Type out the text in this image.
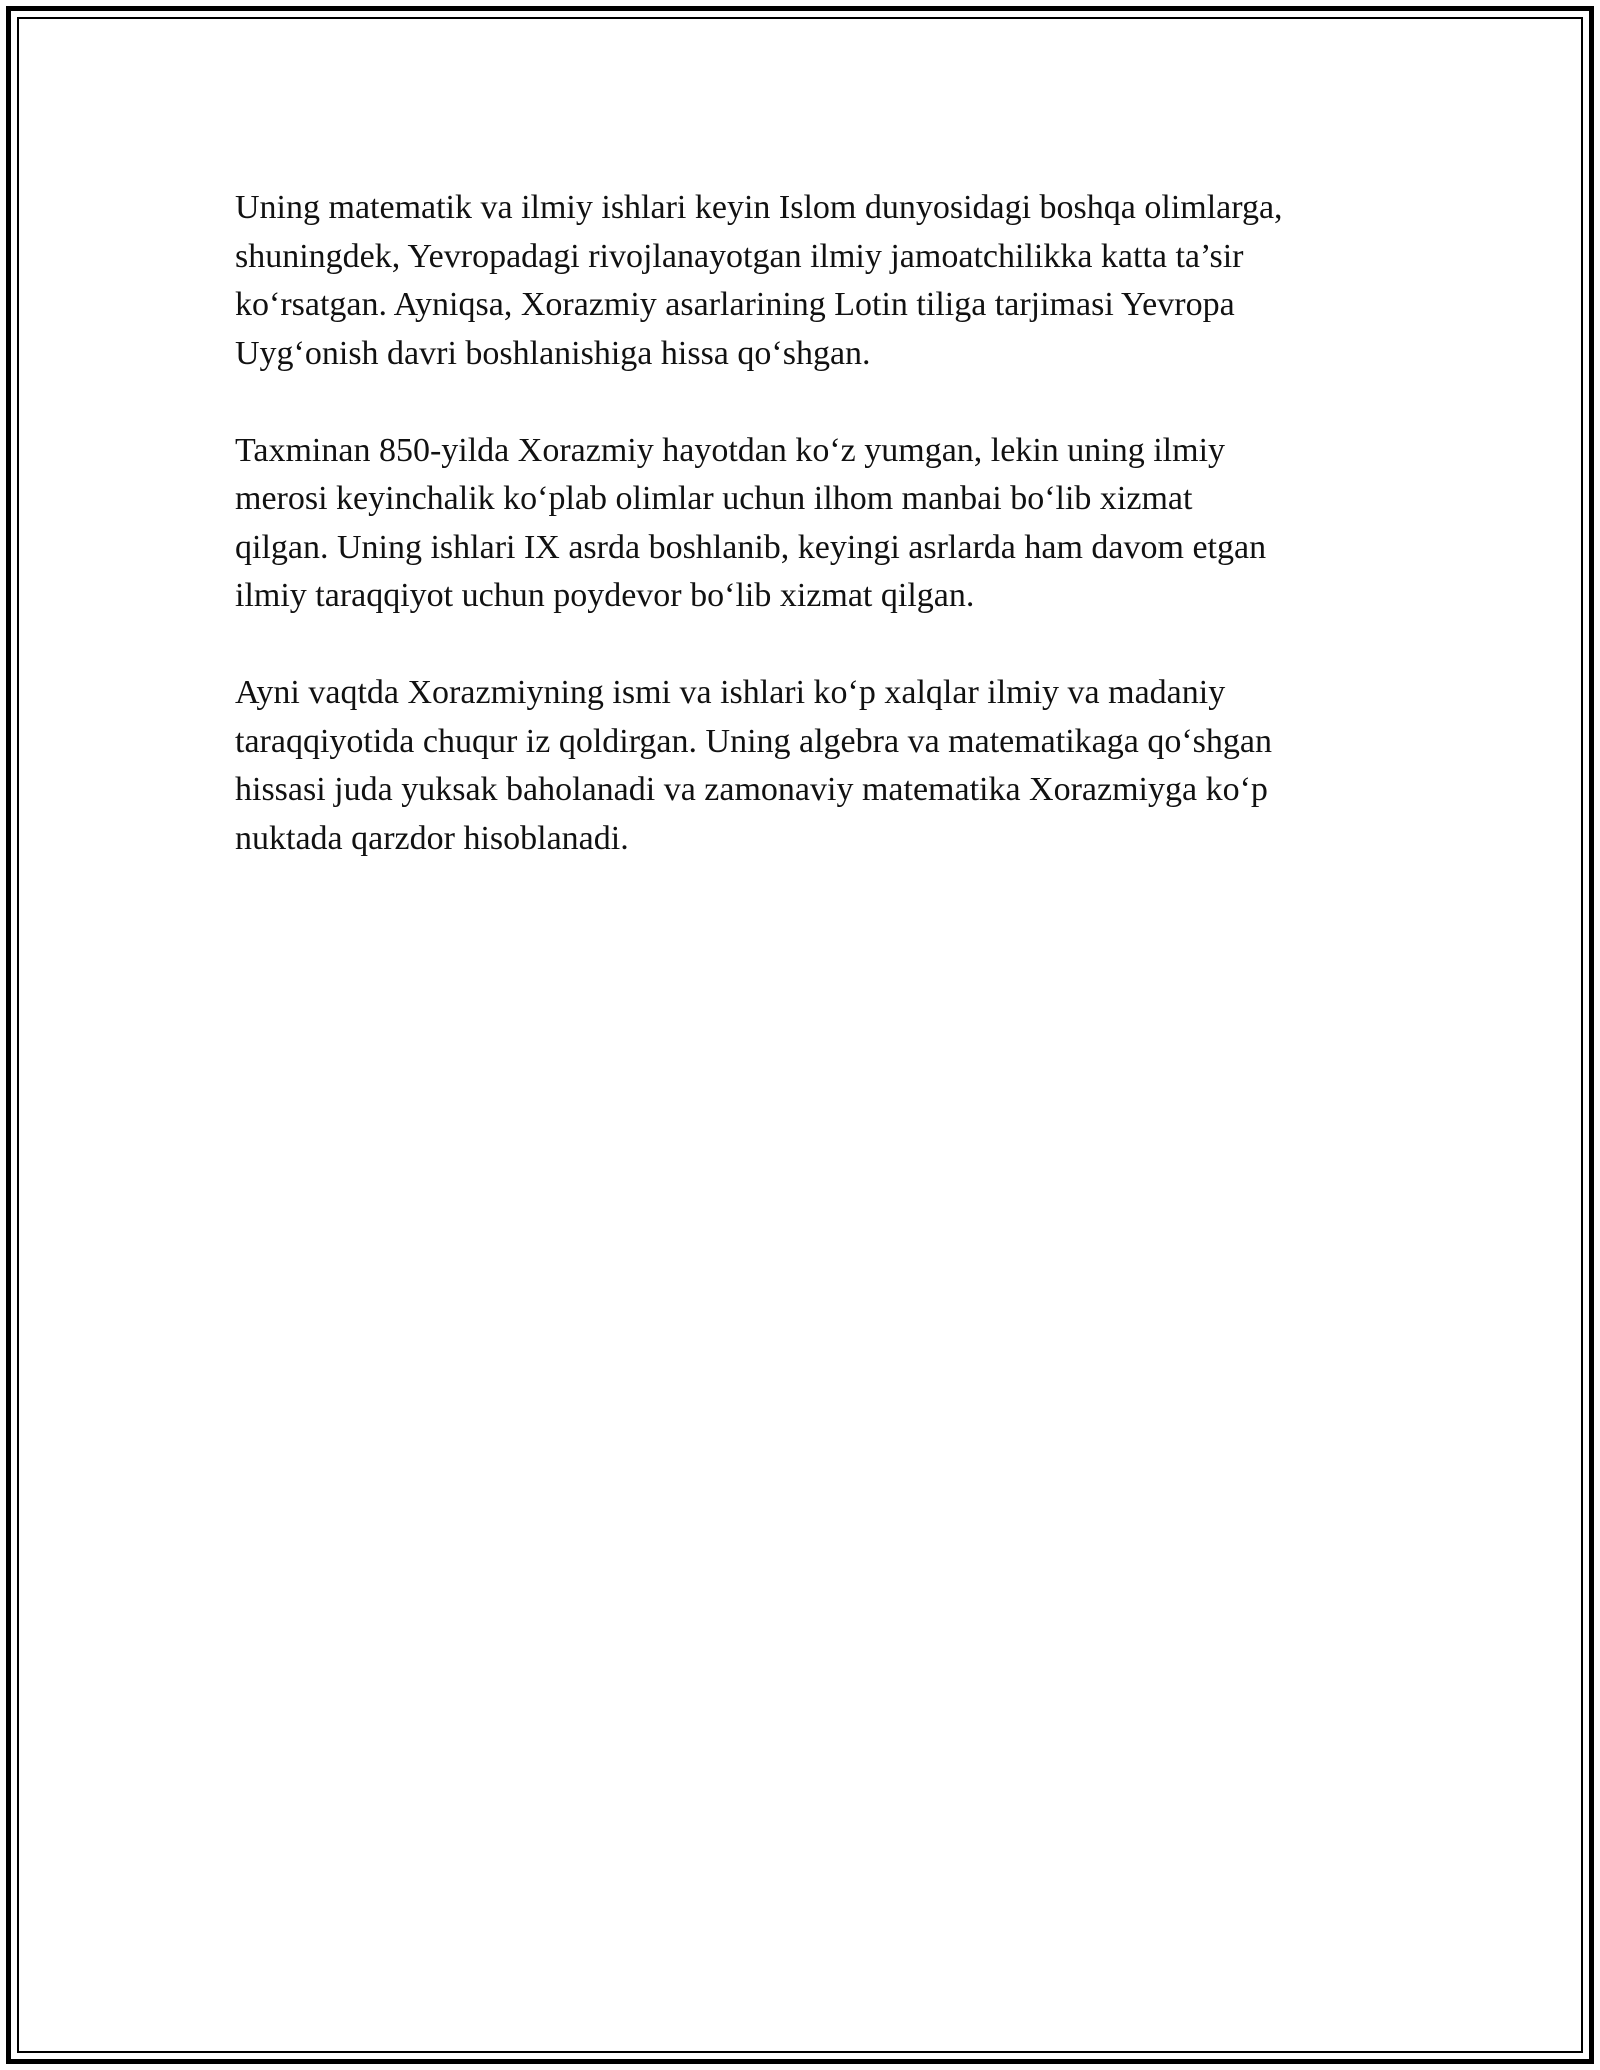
Uning matematik va ilmiy ishlari keyin Islom dunyosidagi boshqa olimlarga,
shuningdek, Yevropadagi rivojlanayotgan ilmiy jamoatchilikka katta ta’sir
ko‘rsatgan. Ayniqsa, Xorazmiy asarlarining Lotin tiliga tarjimasi Yevropa
Uyg‘onish davri boshlanishiga hissa qo‘shgan.

Taxminan 850-yilda Xorazmiy hayotdan ko‘z yumgan, lekin uning ilmiy
merosi keyinchalik ko‘plab olimlar uchun ilhom manbai bo‘lib xizmat
qilgan. Uning ishlari IX asrda boshlanib, keyingi asrlarda ham davom etgan
ilmiy taraqqiyot uchun poydevor bo‘lib xizmat qilgan.

Ayni vaqtda Xorazmiyning ismi va ishlari ko‘p xalqlar ilmiy va madaniy
taraqqiyotida chuqur iz qoldirgan. Uning algebra va matematikaga qo‘shgan
hissasi juda yuksak baholanadi va zamonaviy matematika Xorazmiyga ko‘p
nuktada qarzdor hisoblanadi.
